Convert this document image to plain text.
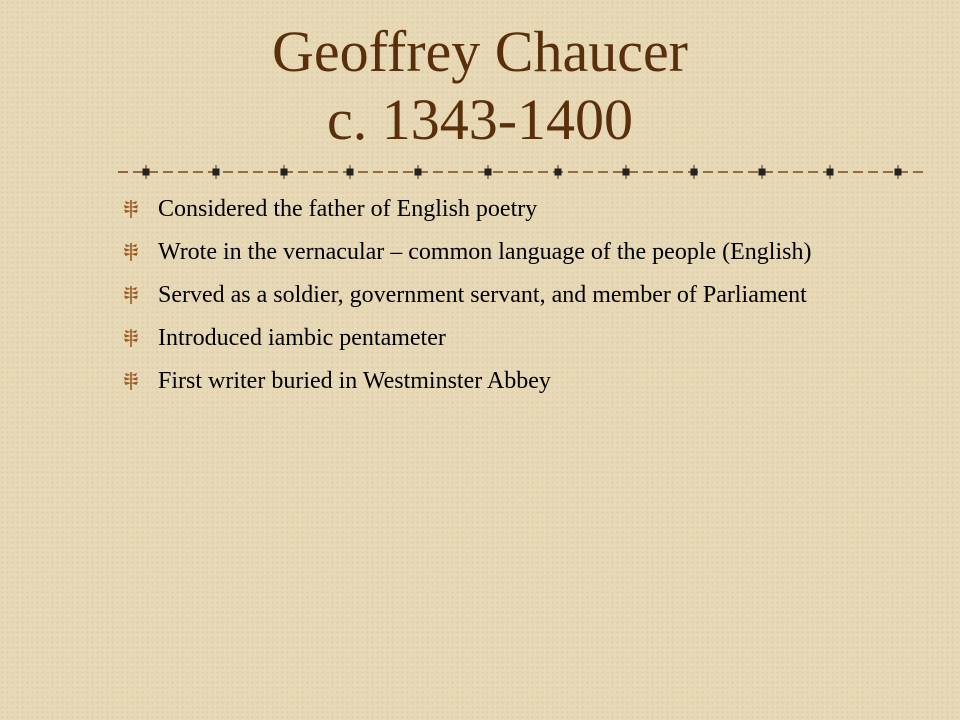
Geoffrey Chaucer
c. 1343-1400
Considered the father of English poetry
Wrote in the vernacular – common language of the people (English)
Served as a soldier, government servant, and member of Parliament
Introduced iambic pentameter
First writer buried in Westminster Abbey
